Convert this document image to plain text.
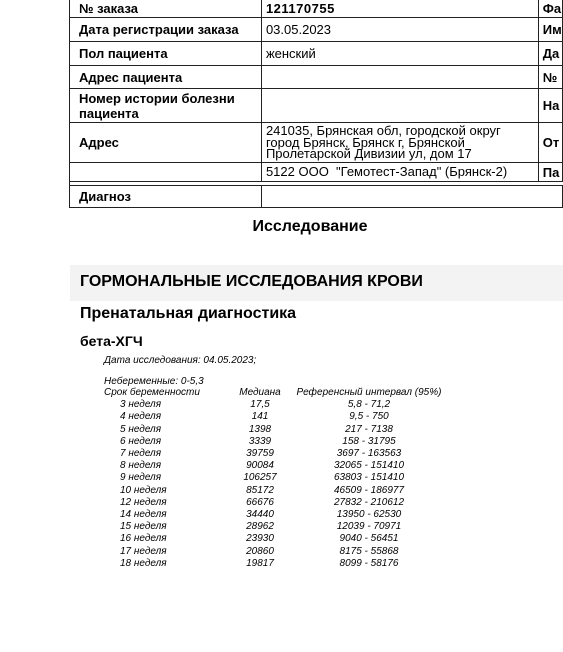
№ заказа	121170755	Фа
Дата регистрации заказа	03.05.2023	Им
Пол пациента	женский	Да
Адрес пациента		№
Номер истории болезни пациента		На
Адрес	241035, Брянская обл, городской округ город Брянск, Брянск г, Брянской Пролетарской Дивизии ул, дом 17	От
	5122 ООО  "Гемотест-Запад" (Брянск-2)	Па

Диагноз		
Исследование
ГОРМОНАЛЬНЫЕ ИССЛЕДОВАНИЯ КРОВИ
Пренатальная диагностика
бета-ХГЧ
Дата исследования: 04.05.2023;
Небеременные: 0-5,3
Срок беременности	Медиана	Референсный интервал (95%)
3 неделя	17,5	5,8 - 71,2
4 неделя	141	9,5 - 750
5 неделя	1398	217 - 7138
6 неделя	3339	158 - 31795
7 неделя	39759	3697 - 163563
8 неделя	90084	32065 - 151410
9 неделя	106257	63803 - 151410
10 неделя	85172	46509 - 186977
12 неделя	66676	27832 - 210612
14 неделя	34440	13950 - 62530
15 неделя	28962	12039 - 70971
16 неделя	23930	9040 - 56451
17 неделя	20860	8175 - 55868
18 неделя	19817	8099 - 58176
